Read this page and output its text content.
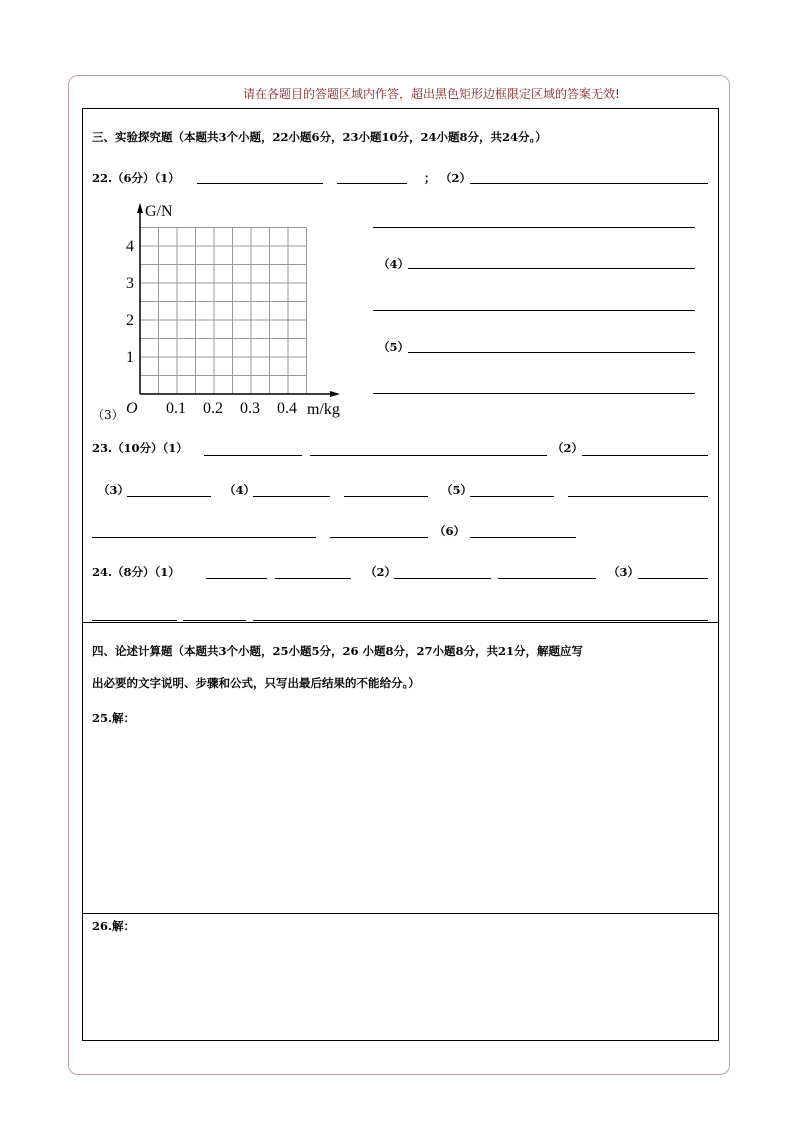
请在各题目的答题区域内作答，超出黑色矩形边框限定区域的答案无效!
三、实验探究题（本题共3个小题，22小题6分，23小题10分，24小题8分，共24分。）
22.（6分）（1）	； （2）
（4）
（5）
（3）
G/N
m/kg
O
1
2
3
4
0.1 0.2 0.3 0.4
23.（10分）（1）	（2）
（3）	（4）	（5）
（6）
24.（8分）（1）	（2）	（3）
四、论述计算题（本题共3个小题，25小题5分，26 小题8分，27小题8分，共21分，解题应写
出必要的文字说明、步骤和公式，只写出最后结果的不能给分。）
25.解：
26.解：
